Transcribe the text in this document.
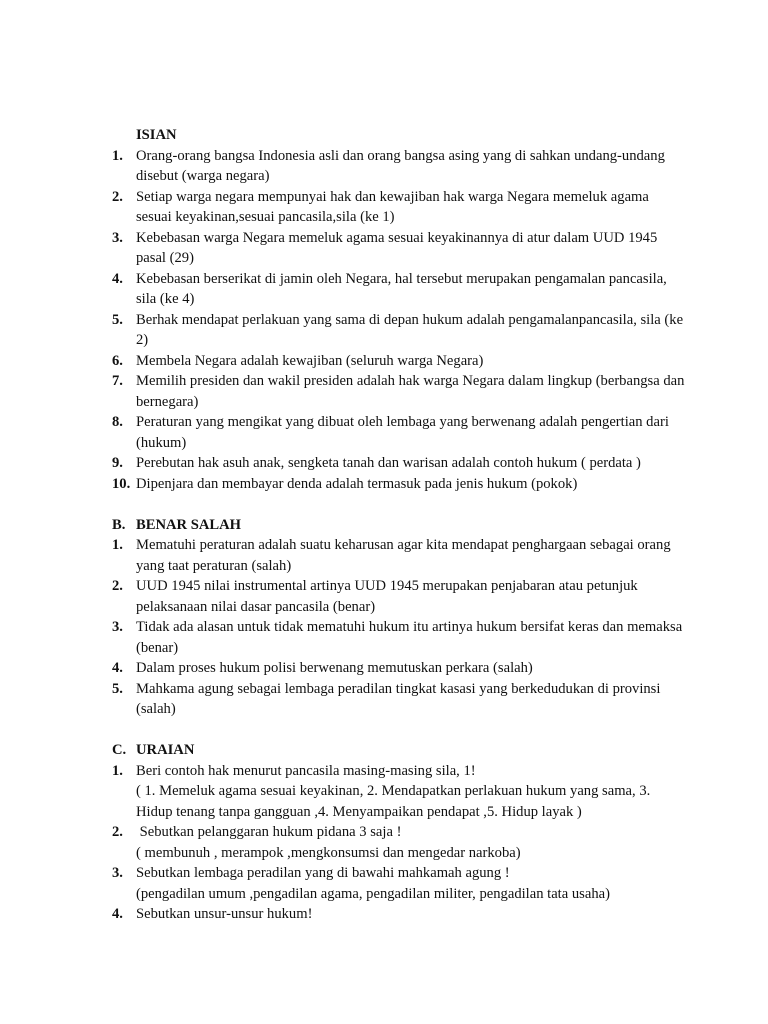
ISIAN
1. Orang-orang bangsa Indonesia asli dan orang bangsa asing yang di sahkan undang-undang disebut (warga negara)
2. Setiap warga negara mempunyai hak dan kewajiban hak warga Negara memeluk agama sesuai keyakinan,sesuai pancasila,sila (ke 1)
3. Kebebasan warga Negara memeluk agama sesuai keyakinannya di atur dalam UUD 1945 pasal (29)
4. Kebebasan berserikat di jamin oleh Negara, hal tersebut merupakan pengamalan pancasila, sila (ke 4)
5. Berhak mendapat perlakuan yang sama di depan hukum adalah pengamalanpancasila, sila (ke 2)
6. Membela Negara adalah kewajiban (seluruh warga Negara)
7. Memilih presiden dan wakil presiden adalah hak warga Negara dalam lingkup (berbangsa dan bernegara)
8. Peraturan yang mengikat yang dibuat oleh lembaga yang berwenang adalah pengertian dari (hukum)
9. Perebutan hak asuh anak, sengketa tanah dan warisan adalah contoh hukum ( perdata )
10. Dipenjara dan membayar denda adalah termasuk pada jenis hukum (pokok)
B. BENAR SALAH
1. Mematuhi peraturan adalah suatu keharusan agar kita mendapat penghargaan sebagai orang yang taat peraturan (salah)
2. UUD 1945 nilai instrumental artinya UUD 1945 merupakan penjabaran atau petunjuk pelaksanaan nilai dasar pancasila (benar)
3. Tidak ada alasan untuk tidak mematuhi hukum itu artinya hukum bersifat keras dan memaksa (benar)
4. Dalam proses hukum polisi berwenang memutuskan perkara (salah)
5. Mahkama agung sebagai lembaga peradilan tingkat kasasi yang berkedudukan di provinsi (salah)
C. URAIAN
1. Beri contoh hak menurut pancasila masing-masing sila, 1!
( 1. Memeluk agama sesuai keyakinan, 2. Mendapatkan perlakuan hukum yang sama, 3. Hidup tenang tanpa gangguan ,4. Menyampaikan pendapat ,5. Hidup layak )
2. Sebutkan pelanggaran hukum pidana 3 saja !
( membunuh , merampok ,mengkonsumsi dan mengedar narkoba)
3. Sebutkan lembaga peradilan yang di bawahi mahkamah agung !
(pengadilan umum ,pengadilan agama, pengadilan militer, pengadilan tata usaha)
4. Sebutkan unsur-unsur hukum!
